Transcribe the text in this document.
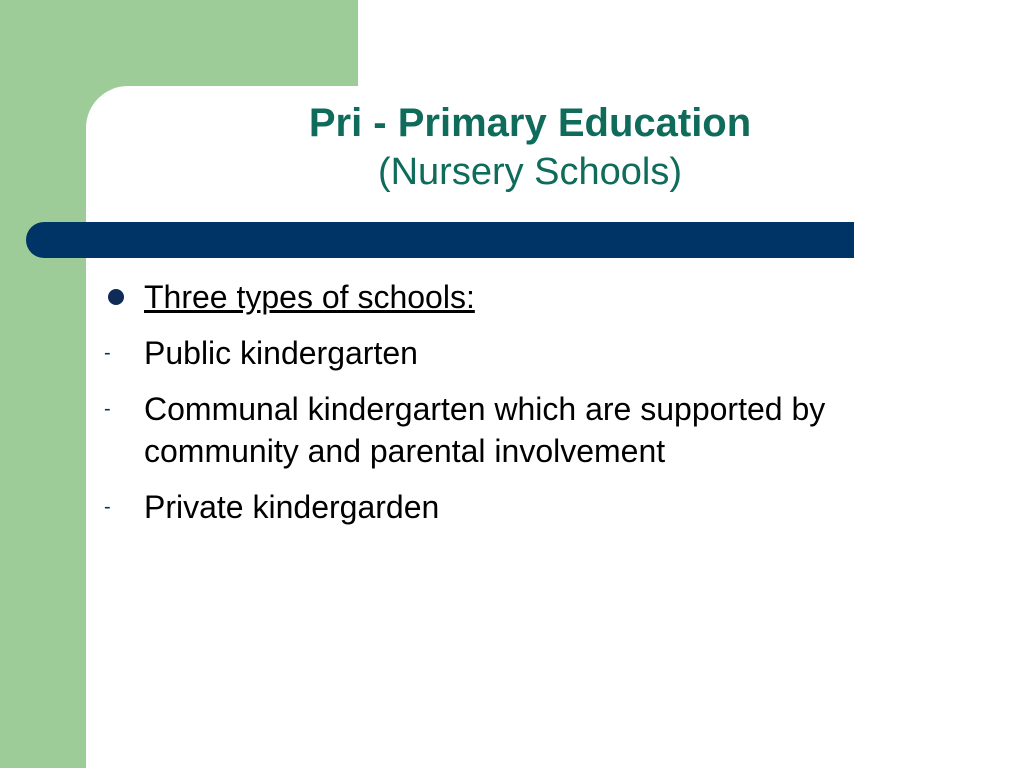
Pri - Primary Education
(Nursery Schools)
Three types of schools:
- Public kindergarten
- Communal kindergarten which are supported by community and parental involvement
- Private kindergarden
